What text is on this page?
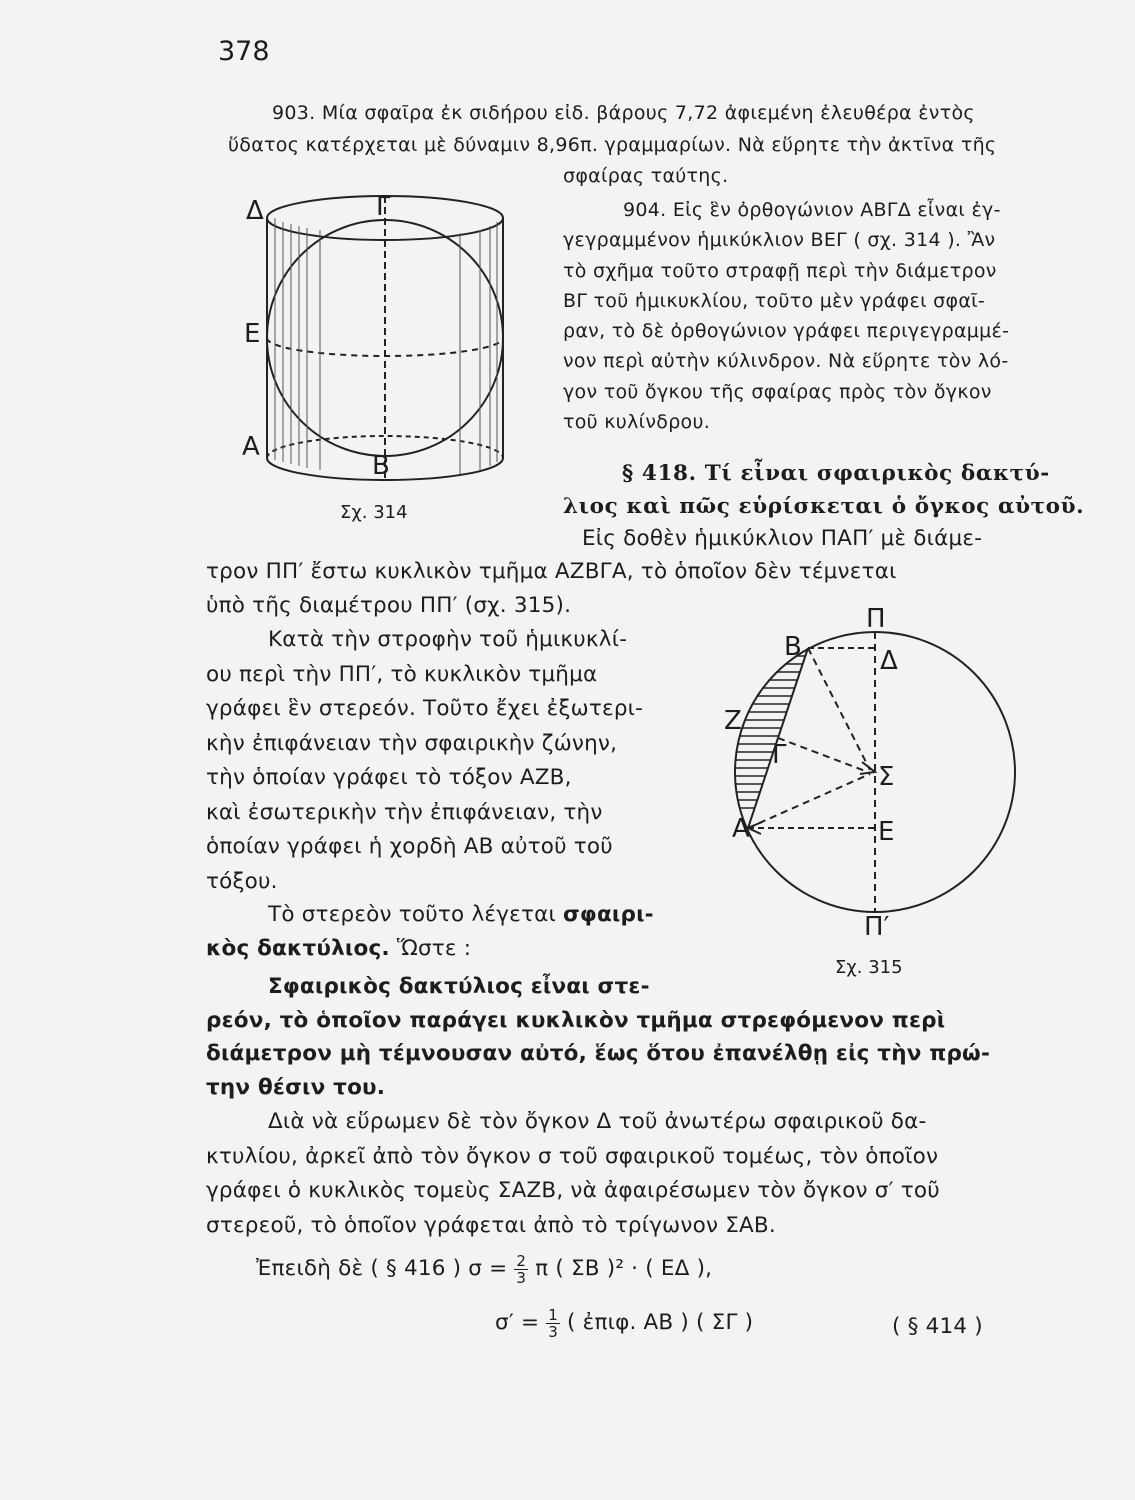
378
903. Μία σφαῖρα ἐκ σιδήρου εἰδ. βάρους 7,72 ἀφιεμένη ἐλευθέρα ἐντὸς
ὕδατος κατέρχεται μὲ δύναμιν 8,96π. γραμμαρίων. Νὰ εὕρητε τὴν ἀκτῖνα τῆς
σφαίρας ταύτης.
904. Εἰς ἓν ὀρθογώνιον ΑΒΓΔ εἶναι ἐγ-
γεγραμμένον ἡμικύκλιον ΒΕΓ ( σχ. 314 ). Ἂν
τὸ σχῆμα τοῦτο στραφῇ περὶ τὴν διάμετρον
ΒΓ τοῦ ἡμικυκλίου, τοῦτο μὲν γράφει σφαῖ-
ραν, τὸ δὲ ὀρθογώνιον γράφει περιγεγραμμέ-
νον περὶ αὐτὴν κύλινδρον. Νὰ εὕρητε τὸν λό-
γον τοῦ ὄγκου τῆς σφαίρας πρὸς τὸν ὄγκον
τοῦ κυλίνδρου.
Δ	Γ
Ε
Α
Β
Σχ. 314
§ 418. Τί εἶναι σφαιρικὸς δακτύ-
λιος καὶ πῶς εὑρίσκεται ὁ ὄγκος αὐτοῦ.
Εἰς δοθὲν ἡμικύκλιον ΠΑΠ′ μὲ διάμε-
τρον ΠΠ′ ἔστω κυκλικὸν τμῆμα ΑΖΒΓΑ, τὸ ὁποῖον δὲν τέμνεται
ὑπὸ τῆς διαμέτρου ΠΠ′ (σχ. 315).
Κατὰ τὴν στροφὴν τοῦ ἡμικυκλί-
ου περὶ τὴν ΠΠ′, τὸ κυκλικὸν τμῆμα
γράφει ἓν στερεόν. Τοῦτο ἔχει ἐξωτερι-
κὴν ἐπιφάνειαν τὴν σφαιρικὴν ζώνην,
τὴν ὁποίαν γράφει τὸ τόξον ΑΖΒ,
καὶ ἐσωτερικὴν τὴν ἐπιφάνειαν, τὴν
ὁποίαν γράφει ἡ χορδὴ ΑΒ αὐτοῦ τοῦ
τόξου.
Τὸ στερεὸν τοῦτο λέγεται σφαιρι-
κὸς δακτύλιος. Ὥστε :
Σφαιρικὸς δακτύλιος εἶναι στε-
ρεόν, τὸ ὁποῖον παράγει κυκλικὸν τμῆμα στρεφόμενον περὶ
διάμετρον μὴ τέμνουσαν αὐτό, ἕως ὅτου ἐπανέλθῃ εἰς τὴν πρώ-
την θέσιν του.
Διὰ νὰ εὕρωμεν δὲ τὸν ὄγκον Δ τοῦ ἀνωτέρω σφαιρικοῦ δα-
κτυλίου, ἀρκεῖ ἀπὸ τὸν ὄγκον σ τοῦ σφαιρικοῦ τομέως, τὸν ὁποῖον
γράφει ὁ κυκλικὸς τομεὺς ΣΑΖΒ, νὰ ἀφαιρέσωμεν τὸν ὄγκον σ′ τοῦ
στερεοῦ, τὸ ὁποῖον γράφεται ἀπὸ τὸ τρίγωνον ΣΑΒ.
Ἐπειδὴ δὲ ( § 416 ) $\sigma = \frac{2}{3}$ π ( ΣΒ )² · ( ΕΔ ),
$\sigma' = \frac{1}{3}$ ( ἐπιφ. ΑΒ ) ( ΣΓ )	( § 414 )
Π
Β	Δ
Ζ
Γ
Σ
Α	Ε
Π′
Σχ. 315
